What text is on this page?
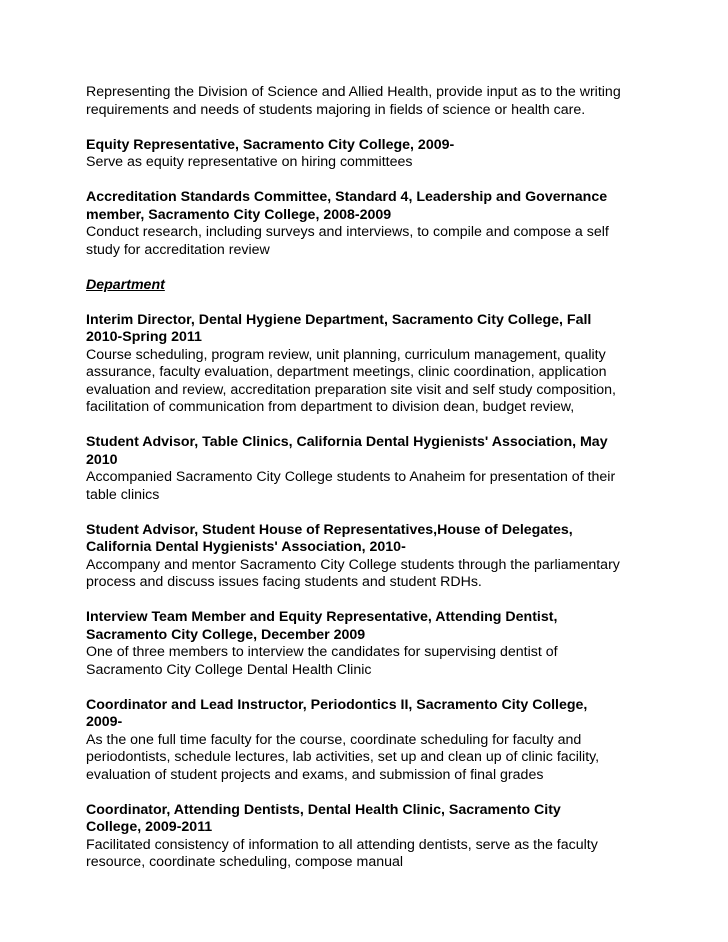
Representing the Division of Science and Allied Health, provide input as to the writing
requirements and needs of students majoring in fields of science or health care.
Equity Representative, Sacramento City College, 2009-
Serve as equity representative on hiring committees
Accreditation Standards Committee, Standard 4, Leadership and Governance
member, Sacramento City College, 2008-2009
Conduct research, including surveys and interviews, to compile and compose a self
study for accreditation review
Department
Interim Director, Dental Hygiene Department, Sacramento City College, Fall
2010-Spring 2011
Course scheduling, program review, unit planning, curriculum management, quality
assurance, faculty evaluation, department meetings, clinic coordination, application
evaluation and review, accreditation preparation site visit and self study composition,
facilitation of communication from department to division dean, budget review,
Student Advisor, Table Clinics, California Dental Hygienists' Association, May
2010
Accompanied Sacramento City College students to Anaheim for presentation of their
table clinics
Student Advisor, Student House of Representatives,House of Delegates,
California Dental Hygienists' Association, 2010-
Accompany and mentor Sacramento City College students through the parliamentary
process and discuss issues facing students and student RDHs.
Interview Team Member and Equity Representative, Attending Dentist,
Sacramento City College, December 2009
One of three members to interview the candidates for supervising dentist of
Sacramento City College Dental Health Clinic
Coordinator and Lead Instructor, Periodontics II, Sacramento City College,
2009-
As the one full time faculty for the course, coordinate scheduling for faculty and
periodontists, schedule lectures, lab activities, set up and clean up of clinic facility,
evaluation of student projects and exams, and submission of final grades
Coordinator, Attending Dentists, Dental Health Clinic, Sacramento City
College, 2009-2011
Facilitated consistency of information to all attending dentists, serve as the faculty
resource, coordinate scheduling, compose manual
